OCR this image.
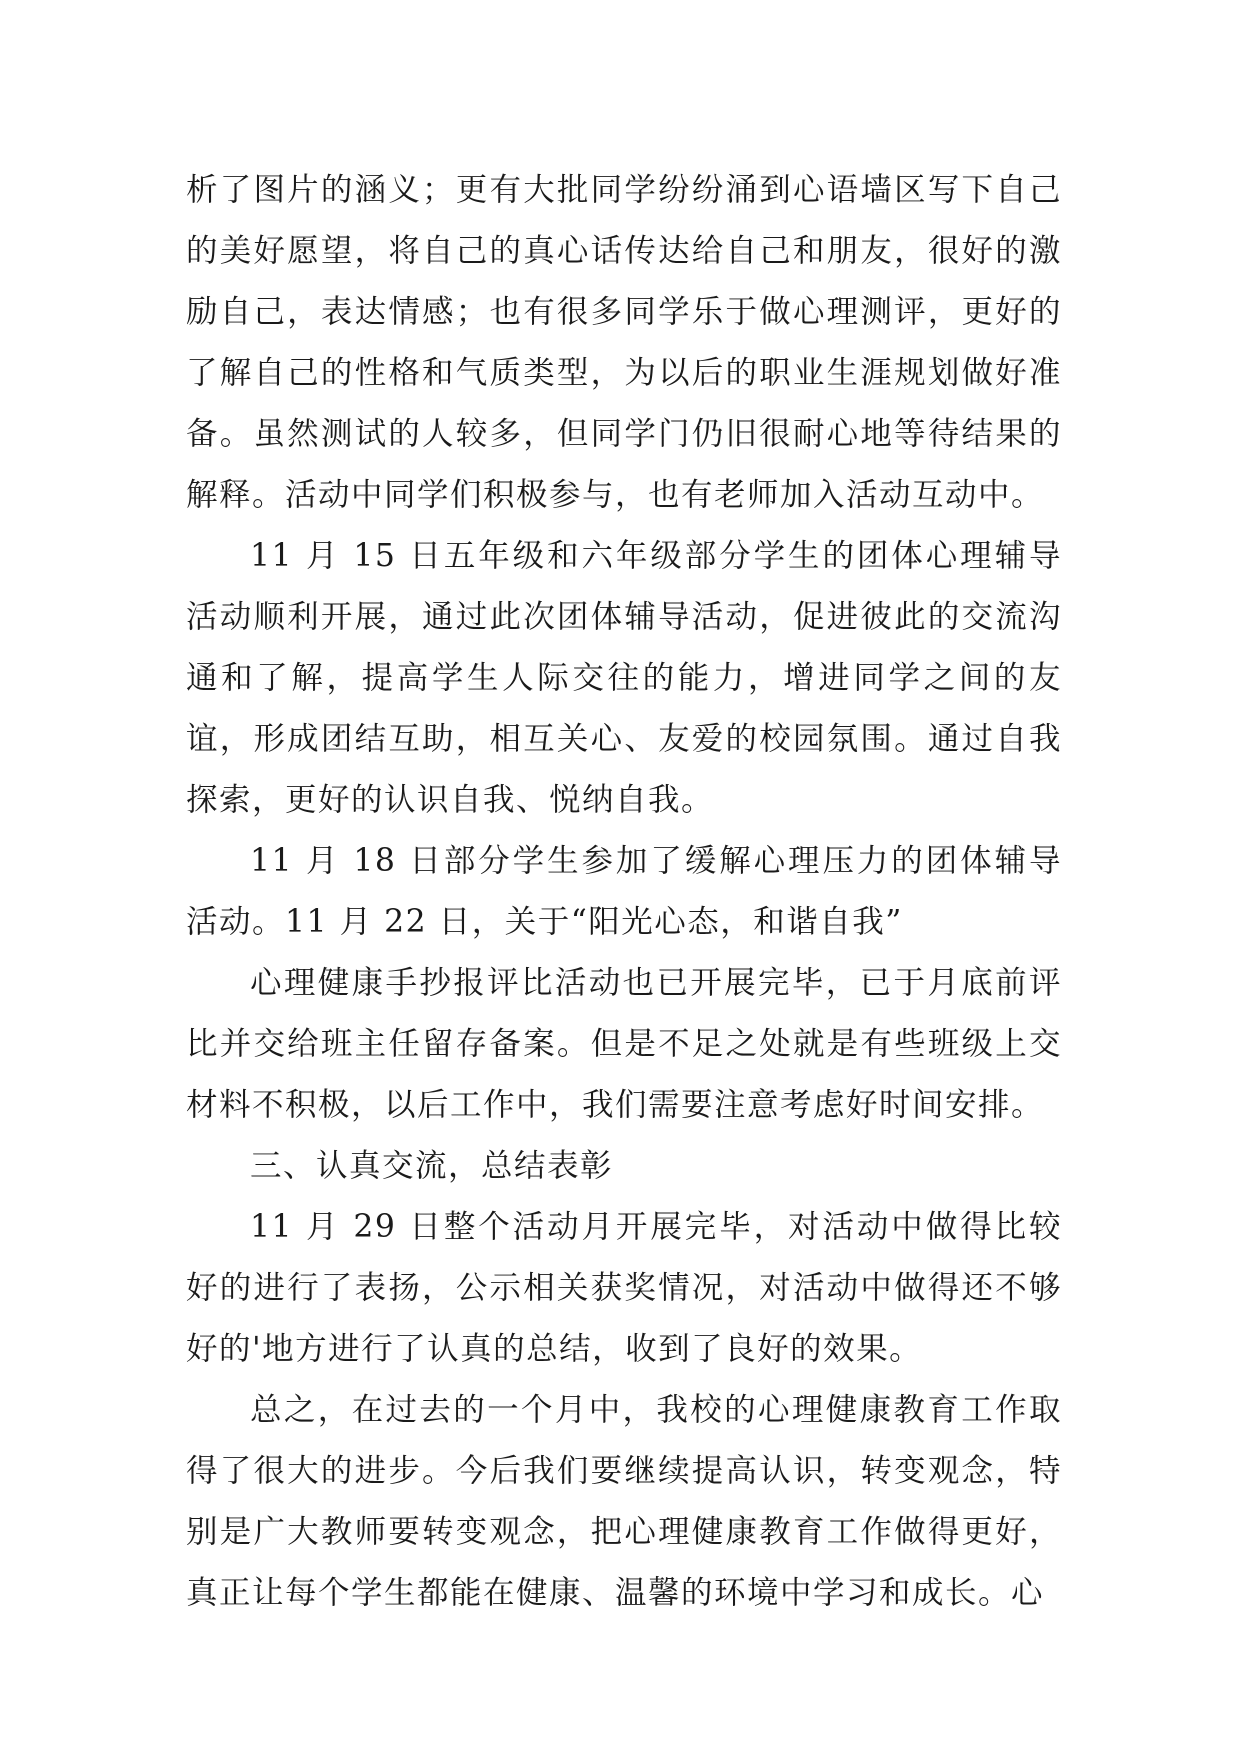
析了图片的涵义；更有大批同学纷纷涌到心语墙区写下自己的美好愿望，将自己的真心话传达给自己和朋友，很好的激励自己，表达情感；也有很多同学乐于做心理测评，更好的了解自己的性格和气质类型，为以后的职业生涯规划做好准备。虽然测试的人较多，但同学门仍旧很耐心地等待结果的解释。活动中同学们积极参与，也有老师加入活动互动中。

11 月 15 日五年级和六年级部分学生的团体心理辅导活动顺利开展，通过此次团体辅导活动，促进彼此的交流沟通和了解，提高学生人际交往的能力，增进同学之间的友谊，形成团结互助，相互关心、友爱的校园氛围。通过自我探索，更好的认识自我、悦纳自我。

11 月 18 日部分学生参加了缓解心理压力的团体辅导活动。11 月 22 日，关于“阳光心态，和谐自我”

心理健康手抄报评比活动也已开展完毕，已于月底前评比并交给班主任留存备案。但是不足之处就是有些班级上交材料不积极，以后工作中，我们需要注意考虑好时间安排。

三、认真交流，总结表彰

11 月 29 日整个活动月开展完毕，对活动中做得比较好的进行了表扬，公示相关获奖情况，对活动中做得还不够好的'地方进行了认真的总结，收到了良好的效果。

总之，在过去的一个月中，我校的心理健康教育工作取得了很大的进步。今后我们要继续提高认识，转变观念，特别是广大教师要转变观念，把心理健康教育工作做得更好，真正让每个学生都能在健康、温馨的环境中学习和成长。心
